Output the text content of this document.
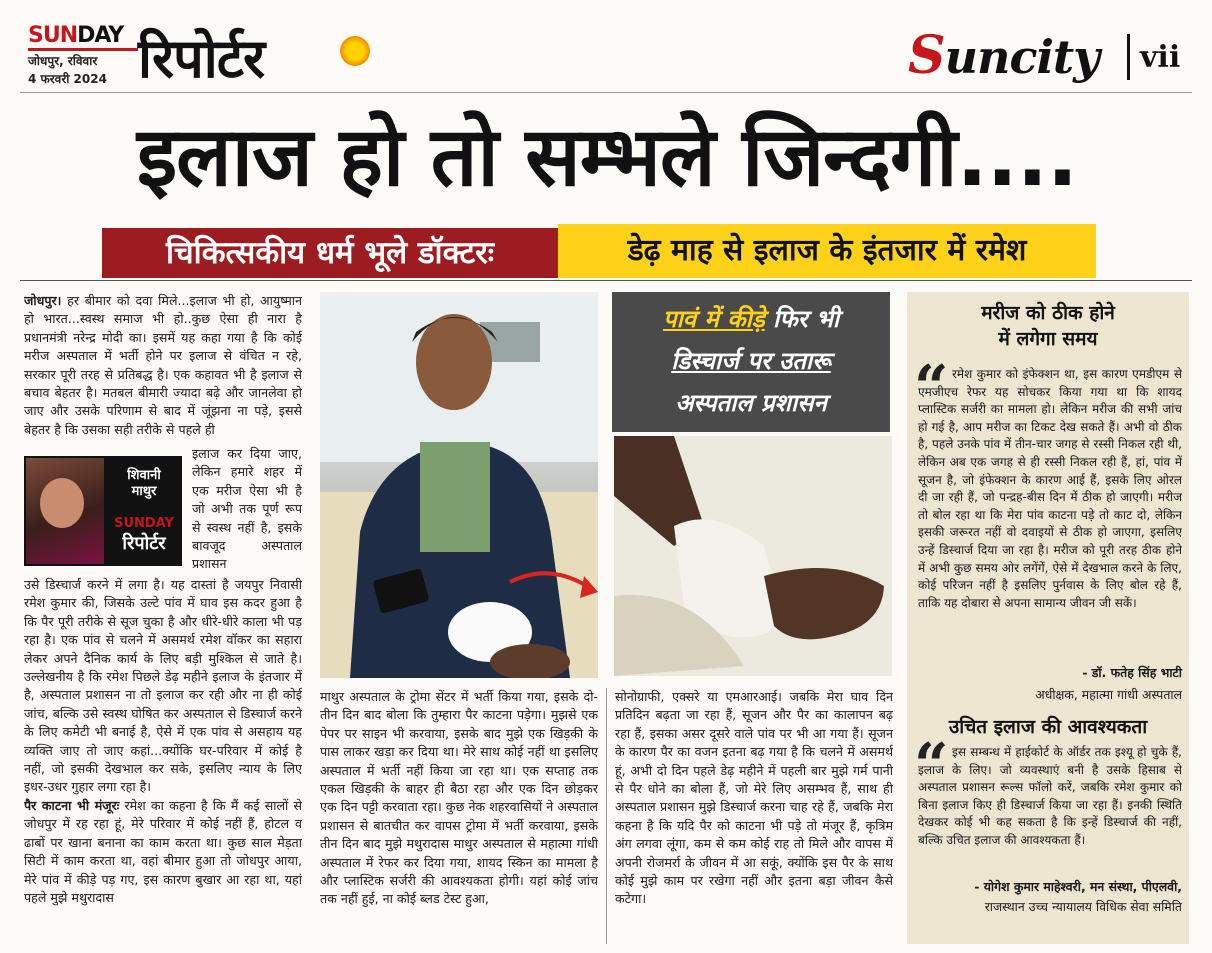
SUNDAY
जोधपुर, रविवार
4 फरवरी 2024 रिपोर्टर	Suncity vii
इलाज हो तो सम्भले जिन्दगी....
चिकित्सकीय धर्म भूले डॉक्टरः	डेढ़ माह से इलाज के इंतजार में रमेश

जोधपुर। हर बीमार को दवा मिले...इलाज भी हो, आयुष्मान हो भारत...स्वस्थ समाज भी हो..कुछ ऐसा ही नारा है प्रधानमंत्री नरेन्द्र मोदी का। इसमें यह कहा गया है कि कोई मरीज अस्पताल में भर्ती होने पर इलाज से वंचित न रहे, सरकार पूरी तरह से प्रतिबद्ध है। एक कहावत भी है इलाज से बचाव बेहतर है। मतबल बीमारी ज्यादा बढ़े और जानलेवा हो जाए और उसके परिणाम से बाद में जूंझना ना पड़े, इससे बेहतर है कि उसका सही तरीके से पहले ही

शिवानी
माथुर
SUNDAY
रिपोर्टर

इलाज कर दिया जाए, लेकिन हमारे शहर में एक मरीज ऐसा भी है जो अभी तक पूर्ण रूप से स्वस्थ नहीं है, इसके बावजूद अस्पताल प्रशासन

उसे डिस्चार्ज करने में लगा है। यह दास्तां है जयपुर निवासी रमेश कुमार की, जिसके उल्टे पांव में घाव इस कदर हुआ है कि पैर पूरी तरीके से सूज चुका है और धीरे-धीरे काला भी पड़ रहा है। एक पांव से चलने में असमर्थ रमेश वॉकर का सहारा लेकर अपने दैनिक कार्य के लिए बड़ी मुश्किल से जाते है। उल्लेखनीय है कि रमेश पिछले डेढ़ महीने इलाज के इंतजार में है, अस्पताल प्रशासन ना तो इलाज कर रही और ना ही कोई जांच, बल्कि उसे स्वस्थ घोषित कर अस्पताल से डिस्चार्ज करने के लिए कमेटी भी बनाई है, ऐसे में एक पांव से असहाय यह व्यक्ति जाए तो जाए कहां...क्योंकि घर-परिवार में कोई है नहीं, जो इसकी देखभाल कर सके, इसलिए न्याय के लिए इधर-उधर गुहार लगा रहा है।

पैर काटना भी मंजूरः रमेश का कहना है कि मैं कई सालों से जोधपुर में रह रहा हूं, मेरे परिवार में कोई नहीं हैं, होटल व ढाबों पर खाना बनाना का काम करता था। कुछ साल मेड़ता सिटी में काम करता था, वहां बीमार हुआ तो जोधपुर आया, मेरे पांव में कीड़े पड़ गए, इस कारण बुखार आ रहा था, यहां पहले मुझे मथुरादास

पावं में कीड़े फिर भी
डिस्चार्ज पर उतारू
अस्पताल प्रशासन

माथुर अस्पताल के ट्रोमा सेंटर में भर्ती किया गया, इसके दो-तीन दिन बाद बोला कि तुम्हारा पैर काटना पड़ेगा। मुझसे एक पेपर पर साइन भी करवाया, इसके बाद मुझे एक खिड़की के पास लाकर खड़ा कर दिया था। मेरे साथ कोई नहीं था इसलिए अस्पताल में भर्ती नहीं किया जा रहा था। एक सप्ताह तक एकल खिड़की के बाहर ही बैठा रहा और एक दिन छोड़कर एक दिन पट्टी करवाता रहा। कुछ नेक शहरवासियों ने अस्पताल प्रशासन से बातचीत कर वापस ट्रोमा में भर्ती करवाया, इसके तीन दिन बाद मुझे मथुरादास माथुर अस्पताल से महात्मा गांधी अस्पताल में रेफर कर दिया गया, शायद स्किन का मामला है और प्लास्टिक सर्जरी की आवश्यकता होगी। यहां कोई जांच तक नहीं हुई, ना कोई ब्लड टेस्ट हुआ,

सोनोग्राफी, एक्सरे या एमआरआई। जबकि मेरा घाव दिन प्रतिदिन बढ़ता जा रहा हैं, सूजन और पैर का कालापन बढ़ रहा हैं, इसका असर दूसरे वाले पांव पर भी आ गया हैं। सूजन के कारण पैर का वजन इतना बढ़ गया है कि चलने में असमर्थ हूं, अभी दो दिन पहले डेढ़ महीने में पहली बार मुझे गर्म पानी से पैर धोने का बोला हैं, जो मेरे लिए असम्भव हैं, साथ ही अस्पताल प्रशासन मुझे डिस्चार्ज करना चाह रहे हैं, जबकि मेरा कहना है कि यदि पैर को काटना भी पड़े तो मंजूर हैं, कृत्रिम अंग लगवा लूंगा, कम से कम कोई राह तो मिले और वापस में अपनी रोजमर्रा के जीवन में आ सकूं, क्योंकि इस पैर के साथ कोई मुझे काम पर रखेगा नहीं और इतना बड़ा जीवन कैसे कटेगा।

मरीज को ठीक होने
में लगेगा समय
“ रमेश कुमार को इंफेक्शन था, इस कारण एमडीएम से एमजीएच रेफर यह सोचकर किया गया था कि शायद प्लास्टिक सर्जरी का मामला हो। लेकिन मरीज की सभी जांच हो गई है, आप मरीज का टिकट देख सकते हैं। अभी वो ठीक है, पहले उनके पांव में तीन-चार जगह से रस्सी निकल रही थी, लेकिन अब एक जगह से ही रस्सी निकल रही हैं, हां, पांव में सूजन है, जो इंफेक्शन के कारण आई हैं, इसके लिए ओरल दी जा रही हैं, जो पन्द्रह-बीस दिन में ठीक हो जाएगी। मरीज तो बोल रहा था कि मेरा पांव काटना पड़े तो काट दो, लेकिन इसकी जरूरत नहीं वो दवाइयों से ठीक हो जाएगा, इसलिए उन्हें डिस्चार्ज दिया जा रहा है। मरीज को पूरी तरह ठीक होने में अभी कुछ समय ओर लगेंगें, ऐसे में देखभाल करने के लिए, कोई परिजन नहीं है इसलिए पुर्नवास के लिए बोल रहे हैं, ताकि यह दोबारा से अपना सामान्य जीवन जी सकें।

- डॉ. फतेह सिंह भाटी
अधीक्षक, महात्मा गांधी अस्पताल
उचित इलाज की आवश्यकता
“ इस सम्बन्ध में हाईकोर्ट के ऑर्डर तक इश्यू हो चुके हैं, इलाज के लिए। जो व्यवस्थाएं बनी है उसके हिसाब से अस्पताल प्रशासन रूल्स फॉलो करें, जबकि रमेश कुमार को बिना इलाज किए ही डिस्चार्ज किया जा रहा हैं। इनकी स्थिति देखकर कोई भी कह सकता है कि इन्हें डिस्चार्ज की नहीं, बल्कि उचित इलाज की आवश्यकता हैं।

- योगेश कुमार माहेश्वरी, मन संस्था, पीएलवी,
राजस्थान उच्च न्यायालय विधिक सेवा समिति
